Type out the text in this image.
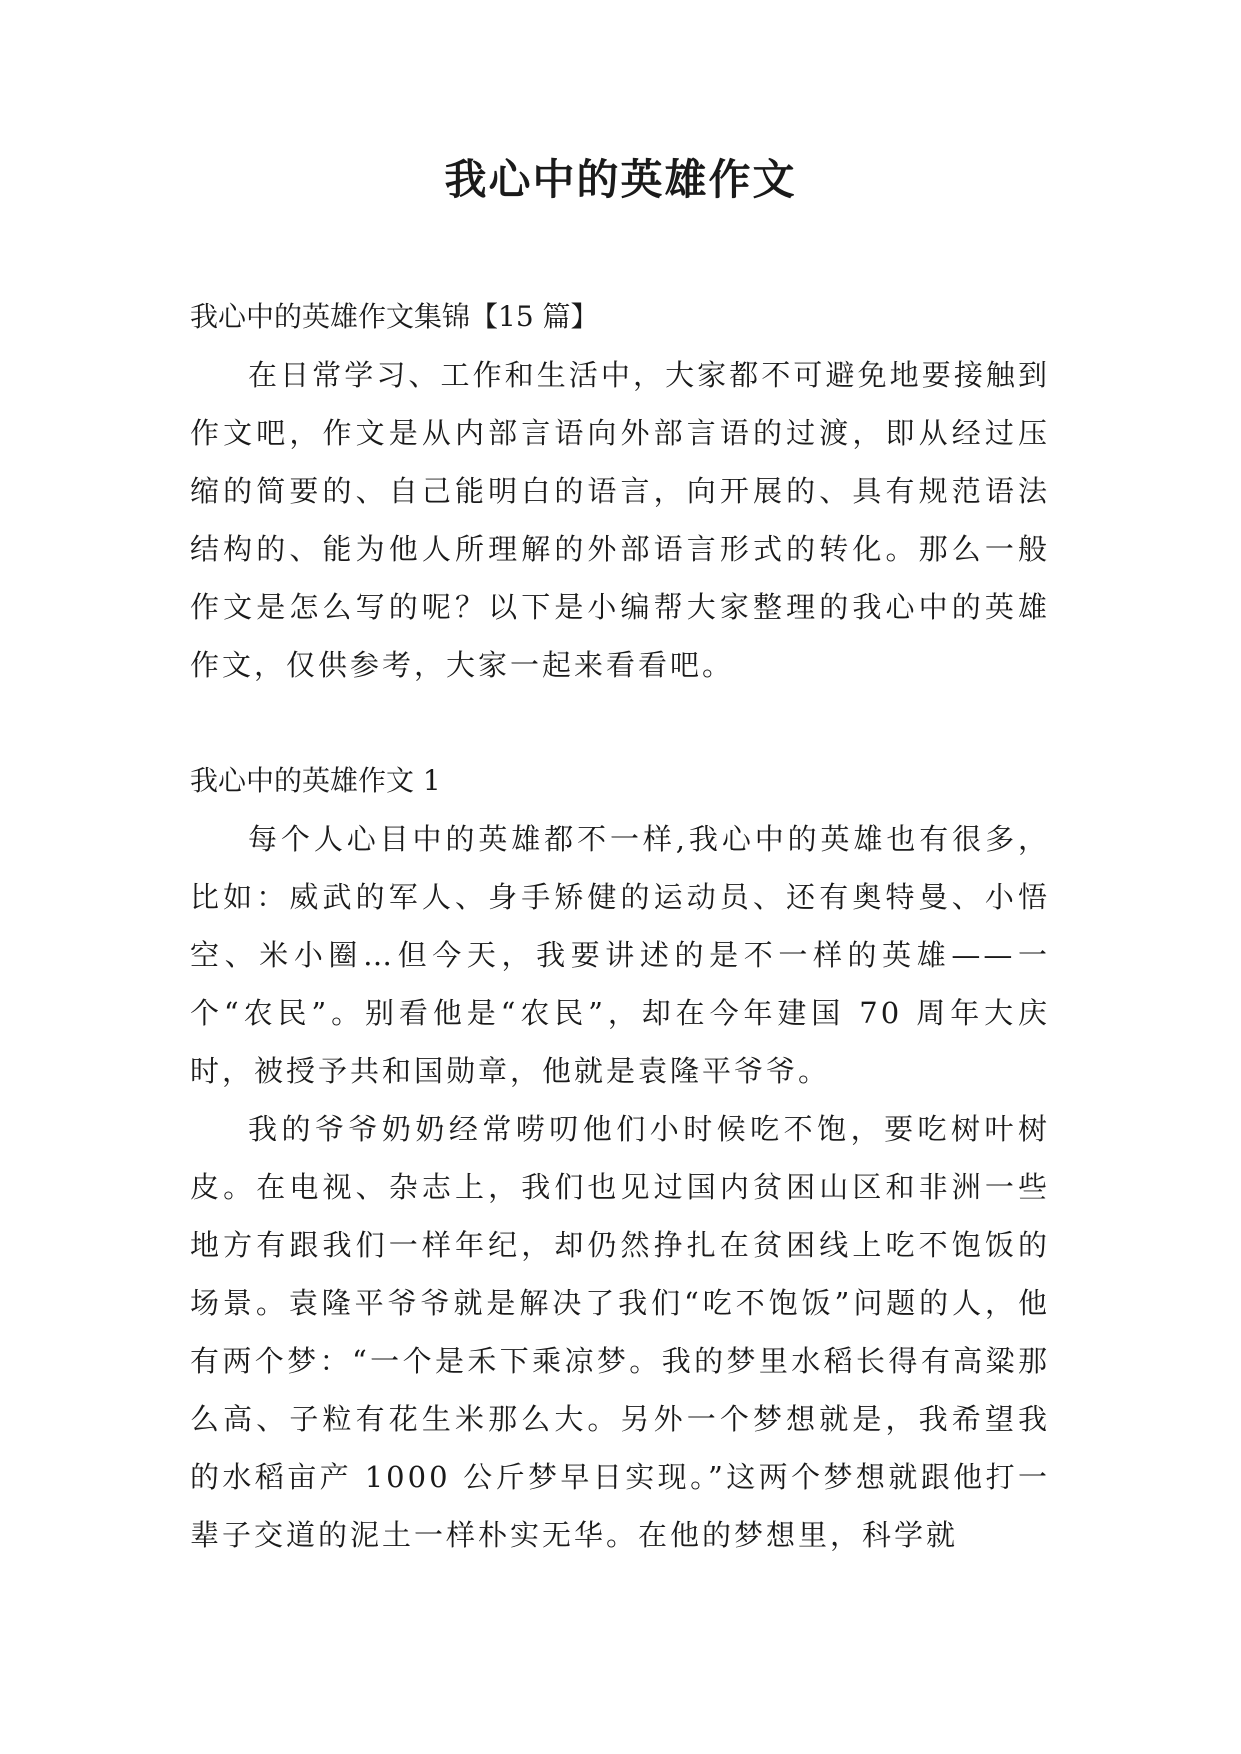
我心中的英雄作文

我心中的英雄作文集锦【15 篇】

在日常学习、工作和生活中，大家都不可避免地要接触到作文吧，作文是从内部言语向外部言语的过渡，即从经过压缩的简要的、自己能明白的语言，向开展的、具有规范语法结构的、能为他人所理解的外部语言形式的转化。那么一般作文是怎么写的呢？以下是小编帮大家整理的我心中的英雄作文，仅供参考，大家一起来看看吧。

我心中的英雄作文 1

每个人心目中的英雄都不一样,我心中的英雄也有很多，比如：威武的军人、身手矫健的运动员、还有奥特曼、小悟空、米小圈…但今天，我要讲述的是不一样的英雄——一个“农民”。别看他是“农民”，却在今年建国 70 周年大庆时，被授予共和国勋章，他就是袁隆平爷爷。

我的爷爷奶奶经常唠叨他们小时候吃不饱，要吃树叶树皮。在电视、杂志上，我们也见过国内贫困山区和非洲一些地方有跟我们一样年纪，却仍然挣扎在贫困线上吃不饱饭的场景。袁隆平爷爷就是解决了我们“吃不饱饭”问题的人，他有两个梦：“一个是禾下乘凉梦。我的梦里水稻长得有高粱那么高、子粒有花生米那么大。另外一个梦想就是，我希望我的水稻亩产 1000 公斤梦早日实现。”这两个梦想就跟他打一辈子交道的泥土一样朴实无华。在他的梦想里，科学就
